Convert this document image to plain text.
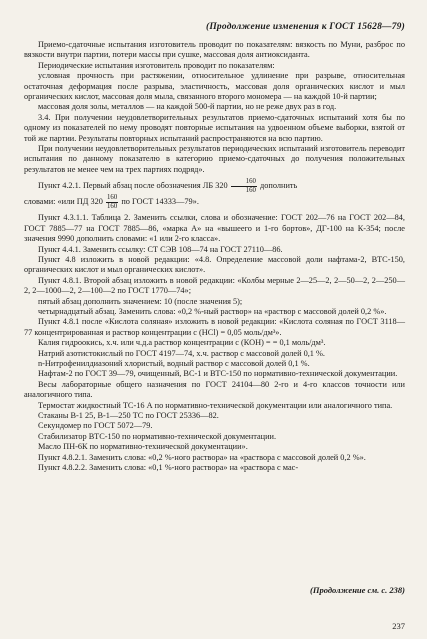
(Продолжение изменения к ГОСТ 15628—79)

Приемо-сдаточные испытания изготовитель проводит по показателям: вязкость по Муни, разброс по вязкости внутри партии, потери массы при сушке, массовая доля антиоксиданта.

Периодические испытания изготовитель проводит по показателям:

условная прочность при растяжении, относительное удлинение при разрыве, относительная остаточная деформация после разрыва, эластичность, массовая доля органических кислот и мыл органических кислот, массовая доля мыла, связанного второго мономера — на каждой 10-й партии;

массовая доля золы, металлов — на каждой 500-й партии, но не реже двух раз в год.

3.4. При получении неудовлетворительных результатов приемо-сдаточных испытаний хотя бы по одному из показателей по нему проводят повторные испытания на удвоенном объеме выборки, взятой от той же партии. Результаты повторных испытаний распространяются на всю партию.

При получении неудовлетворительных результатов периодических испытаний изготовитель переводит испытания по данному показателю в категорию приемо-сдаточных до получения положительных результатов не менее чем на трех партиях подряд».

Пункт 4.2.1. Первый абзац после обозначения ЛБ $320 \frac{160}{160}$ дополнить

словами: «или ПД $320 \frac{160}{160}$ по ГОСТ 14333—79».

Пункт 4.3.1.1. Таблица 2. Заменить ссылки, слова и обозначение: ГОСТ 202—76 на ГОСТ 202—84, ГОСТ 7885—77 на ГОСТ 7885—86, «марка А» на «вышеего и 1-го бортов», ДГ-100 на К-354; после значения 9990 дополнить словами: «1 или 2-го класса».

Пункт 4.4.1. Заменить ссылку: СТ СЭВ 108—74 на ГОСТ 27110—86.

Пункт 4.8 изложить в новой редакции: «4.8. Определение массовой доли нафтама-2, ВТС-150, органических кислот и мыл органических кислот».

Пункт 4.8.1. Второй абзац изложить в новой редакции: «Колбы мерные 2—25—2, 2—50—2, 2—250—2, 2—1000—2, 2—100—2 по ГОСТ 1770—74»;

пятый абзац дополнить значением: 10 (после значения 5);

четырнадцатый абзац. Заменить слова: «0,2 %-ный раствор» на «раствор с массовой долей 0,2 %».

Пункт 4.8.1 после «Кислота соляная» изложить в новой редакции: «Кислота соляная по ГОСТ 3118—77 концентрированная и раствор концентрации с (HCl) = 0,05 моль/дм³».

Калия гидроокись, х.ч. или ч.д.а раствор концентрации с (КОН) = = 0,1 моль/дм³.

Натрий азотистокислый по ГОСТ 4197—74, х.ч. раствор с массовой долей 0,1 %.

n-Нитрофенилдиазоний хлористый, водный раствор с массовой долей 0,1 %.

Нафтам-2 по ГОСТ 39—79, очищенный, ВС-1 и ВТС-150 по нормативно-технической документации.

Весы лабораторные общего назначения по ГОСТ 24104—80 2-го и 4-го классов точности или аналогичного типа.

Термостат жидкостный ТС-16 А по нормативно-технической документации или аналогичного типа.

Стаканы В-1 25, В-1—250 ТС по ГОСТ 25336—82.

Секундомер по ГОСТ 5072—79.

Стабилизатор ВТС-150 по нормативно-технической документации.

Масло ПН-6К по нормативно-технической документации».

Пункт 4.8.2.1. Заменить слова: «0,2 %-ного раствора» на «раствора с массовой долей 0,2 %».

Пункт 4.8.2.2. Заменить слова: «0,1 %-ного раствора» на «раствора с мас-

(Продолжение см. с. 238)
237
